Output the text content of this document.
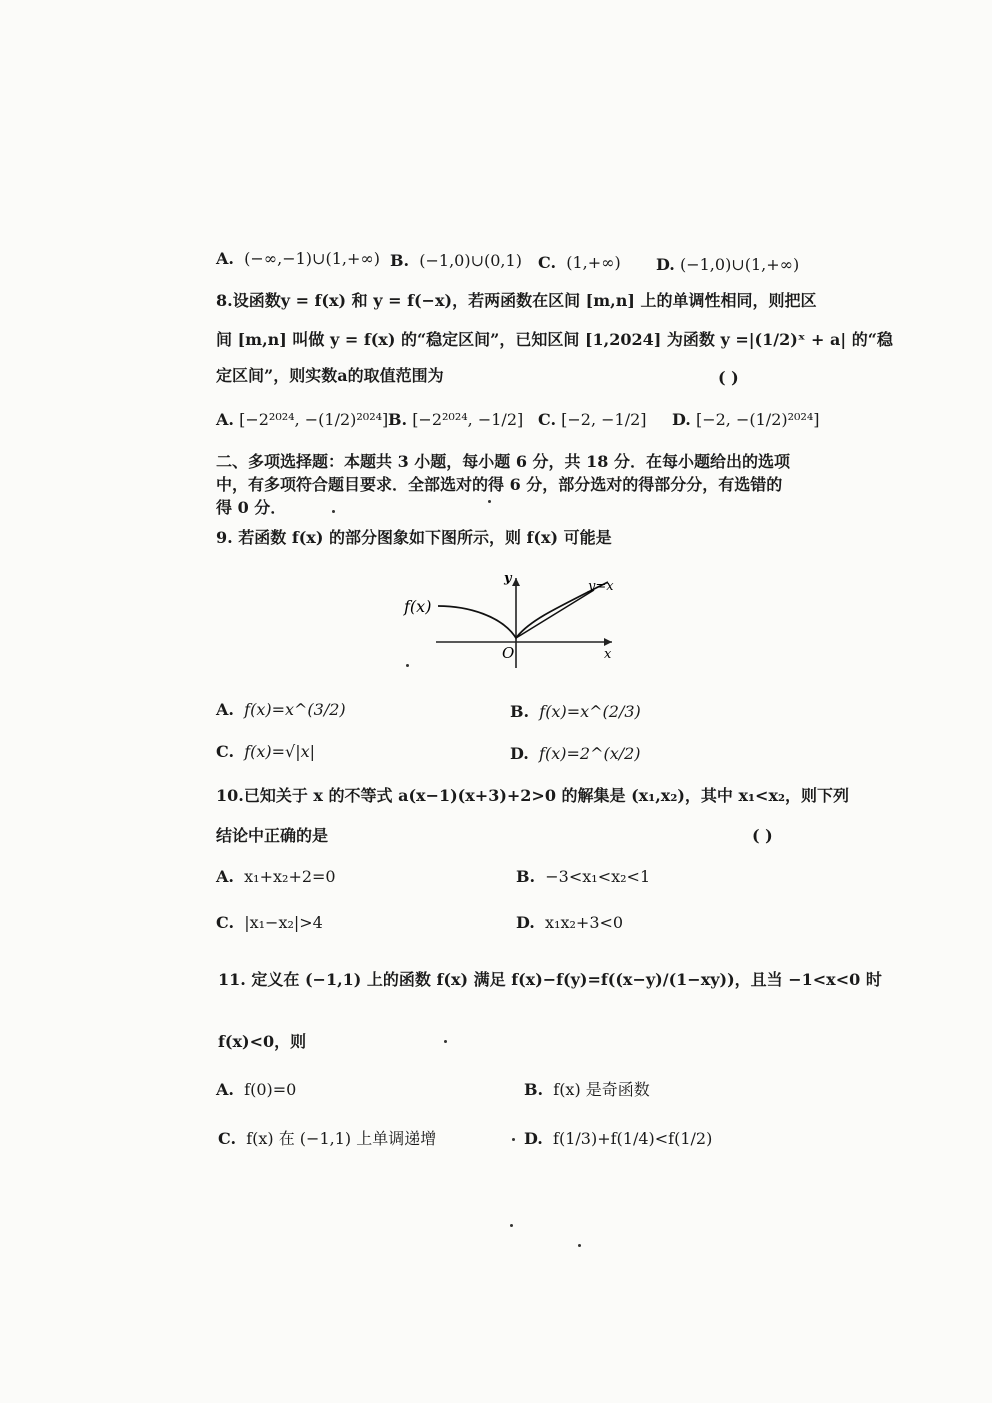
A. (−∞,−1)∪(1,+∞) B. (−1,0)∪(0,1) C. (1,+∞) D. (−1,0)∪(1,+∞)
8.设函数y = f(x) 和 y = f(−x)，若两函数在区间 [m,n] 上的单调性相同，则把区
间 [m,n] 叫做 y = f(x) 的“稳定区间”，已知区间 [1,2024] 为函数 y =|(1/2)ˣ + a| 的“稳
定区间”，则实数a的取值范围为	( )
A. [−2²⁰²⁴, −(1/2)²⁰²⁴] B. [−2²⁰²⁴, −1/2] C. [−2, −1/2] D. [−2, −(1/2)²⁰²⁴]
二、多项选择题：本题共 3 小题，每小题 6 分，共 18 分．在每小题给出的选项中，有多项符合题目要求．全部选对的得 6 分，部分选对的得部分分，有选错的得 0 分．
9. 若函数 f(x) 的部分图象如下图所示，则 f(x) 可能是
f(x)
y=x
y
x
O
A. f(x)=x^(3/2)	B. f(x)=x^(2/3)
C. f(x)=√|x|	D. f(x)=2^(x/2)
10.已知关于 x 的不等式 a(x−1)(x+3)+2>0 的解集是 (x₁,x₂)，其中 x₁<x₂，则下列
结论中正确的是	( )
A. x₁+x₂+2=0	B. −3<x₁<x₂<1
C. |x₁−x₂|>4	D. x₁x₂+3<0
11. 定义在 (−1,1) 上的函数 f(x) 满足 f(x)−f(y)=f((x−y)/(1−xy))，且当 −1<x<0 时
f(x)<0，则
A. f(0)=0	B. f(x) 是奇函数
C. f(x) 在 (−1,1) 上单调递增	D. f(1/3)+f(1/4)<f(1/2)
